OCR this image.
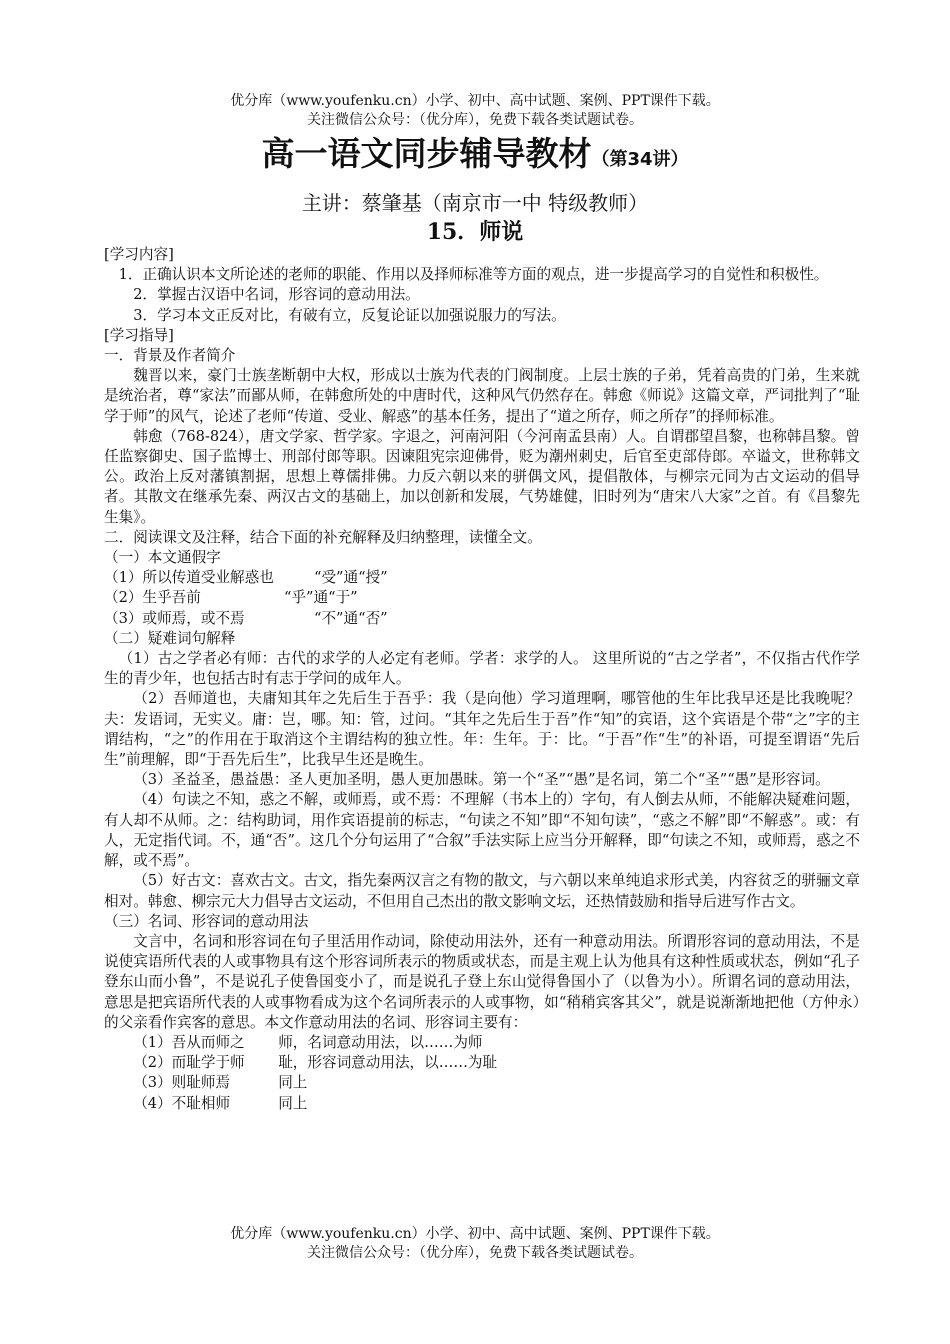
优分库（www.youfenku.cn）小学、初中、高中试题、案例、PPT课件下载。
关注微信公众号：（优分库），免费下载各类试题试卷。
高一语文同步辅导教材（第34讲）
主讲：蔡肇基（南京市一中 特级教师）
15．师说

[学习内容]

1．正确认识本文所论述的老师的职能、作用以及择师标准等方面的观点，进一步提高学习的自觉性和积极性。

2．掌握古汉语中名词，形容词的意动用法。

3．学习本文正反对比，有破有立，反复论证以加强说服力的写法。

[学习指导]

一．背景及作者简介

魏晋以来，豪门士族垄断朝中大权，形成以士族为代表的门阀制度。上层士族的子弟，凭着高贵的门弟，生来就是统治者，尊“家法”而鄙从师，在韩愈所处的中唐时代，这种风气仍然存在。韩愈《师说》这篇文章，严词批判了“耻学于师”的风气，论述了老师“传道、受业、解惑”的基本任务，提出了“道之所存，师之所存”的择师标准。

韩愈（768-824），唐文学家、哲学家。字退之，河南河阳（今河南孟县南）人。自谓郡望昌黎，也称韩昌黎。曾任监察御史、国子监博士、刑部付郎等职。因谏阻宪宗迎佛骨，贬为潮州刺史，后官至吏部侍郎。卒谥文，世称韩文公。政治上反对藩镇割据，思想上尊儒排佛。力反六朝以来的骈偶文风，提倡散体，与柳宗元同为古文运动的倡导者。其散文在继承先秦、两汉古文的基础上，加以创新和发展，气势雄健，旧时列为“唐宋八大家”之首。有《昌黎先生集》。

二．阅读课文及注释，结合下面的补充解释及归纳整理，读懂全文。

（一）本文通假字

（1）所以传道受业解惑也	“受”通“授”

（2）生乎吾前	“乎”通“于”

（3）或师焉，或不焉	“不”通“否”

（二）疑难词句解释

（1）古之学者必有师：古代的求学的人必定有老师。学者：求学的人。 这里所说的“古之学者”，不仅指古代作学生的青少年，也包括古时有志于学问的成年人。

（2）吾师道也，夫庸知其年之先后生于吾乎：我（是向他）学习道理啊，哪管他的生年比我早还是比我晚呢？夫：发语词，无实义。庸：岂，哪。知：管，过问。“其年之先后生于吾”作“知”的宾语，这个宾语是个带“之”字的主谓结构，“之”的作用在于取消这个主谓结构的独立性。年：生年。于：比。“于吾”作“生”的补语，可提至谓语“先后生”前理解，即“于吾先后生”，比我早生还是晚生。

（3）圣益圣，愚益愚：圣人更加圣明，愚人更加愚昧。第一个“圣”“愚”是名词，第二个“圣”“愚”是形容词。

（4）句读之不知，惑之不解，或师焉，或不焉：不理解（书本上的）字句，有人倒去从师，不能解决疑难问题，有人却不从师。之：结构助词，用作宾语提前的标志，“句读之不知”即“不知句读”，“惑之不解”即“不解惑”。或：有人，无定指代词。不，通“否”。这几个分句运用了“合叙”手法实际上应当分开解释，即“句读之不知，或师焉，惑之不解，或不焉”。

（5）好古文：喜欢古文。古文，指先秦两汉言之有物的散文，与六朝以来单纯追求形式美，内容贫乏的骈骊文章相对。韩愈、柳宗元大力倡导古文运动，不但用自己杰出的散文影响文坛，还热情鼓励和指导后进写作古文。

（三）名词、形容词的意动用法

文言中，名词和形容词在句子里活用作动词，除使动用法外，还有一种意动用法。所谓形容词的意动用法，不是说使宾语所代表的人或事物具有这个形容词所表示的物质或状态，而是主观上认为他具有这种性质或状态，例如“孔子登东山而小鲁”，不是说孔子使鲁国变小了，而是说孔子登上东山觉得鲁国小了（以鲁为小）。所谓名词的意动用法，意思是把宾语所代表的人或事物看成为这个名词所表示的人或事物，如“稍稍宾客其父”，就是说渐渐地把他（方仲永）的父亲看作宾客的意思。本文作意动用法的名词、形容词主要有：

（1）吾从而师之 师，名词意动用法，以……为师

（2）而耻学于师 耻，形容词意动用法，以……为耻

（3）则耻师焉	同上

（4）不耻相师	同上

优分库（www.youfenku.cn）小学、初中、高中试题、案例、PPT课件下载。
关注微信公众号：（优分库），免费下载各类试题试卷。
